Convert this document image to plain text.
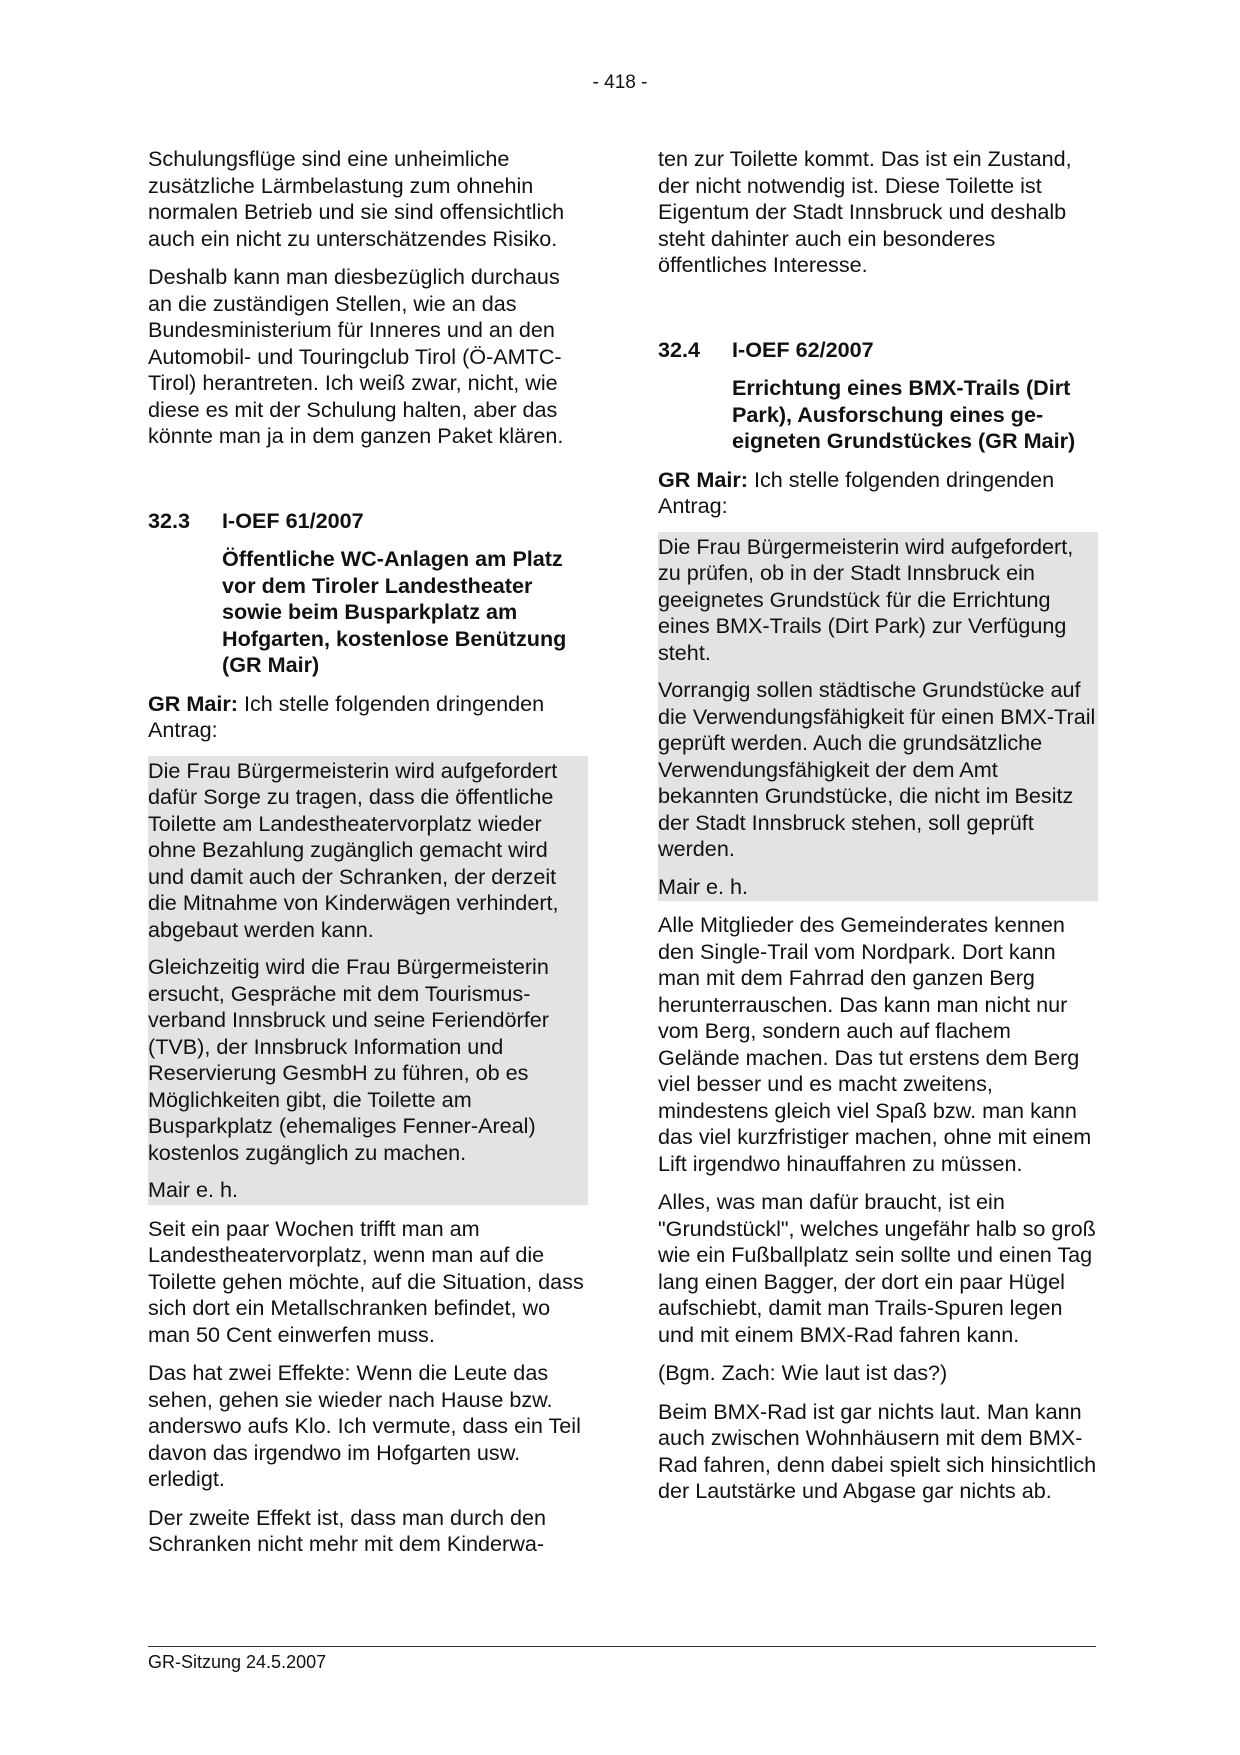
- 418 -

Schulungsflüge sind eine unheimliche zusätzliche Lärmbelastung zum ohnehin normalen Betrieb und sie sind offensichtlich auch ein nicht zu unterschätzendes Risiko.

Deshalb kann man diesbezüglich durchaus an die zuständigen Stellen, wie an das Bundesministerium für Inneres und an den Automobil- und Touringclub Tirol (Ö-AMTC-Tirol) herantreten. Ich weiß zwar, nicht, wie diese es mit der Schulung halten, aber das könnte man ja in dem ganzen Paket klären.

32.3	I-OEF 61/2007
Öffentliche WC-Anlagen am Platz vor dem Tiroler Landestheater sowie beim Busparkplatz am Hofgarten, kostenlose Benützung (GR Mair)

GR Mair: Ich stelle folgenden dringenden Antrag:

Die Frau Bürgermeisterin wird aufgefordert dafür Sorge zu tragen, dass die öffentliche Toilette am Landestheatervorplatz wieder ohne Bezahlung zugänglich gemacht wird und damit auch der Schranken, der derzeit die Mitnahme von Kinderwägen verhindert, abgebaut werden kann.

Gleichzeitig wird die Frau Bürgermeisterin ersucht, Gespräche mit dem Tourismusverband Innsbruck und seine Feriendörfer (TVB), der Innsbruck Information und Reservierung GesmbH zu führen, ob es Möglichkeiten gibt, die Toilette am Busparkplatz (ehemaliges Fenner-Areal) kostenlos zugänglich zu machen.

Mair e. h.

Seit ein paar Wochen trifft man am Landestheatervorplatz, wenn man auf die Toilette gehen möchte, auf die Situation, dass sich dort ein Metallschranken befindet, wo man 50 Cent einwerfen muss.

Das hat zwei Effekte: Wenn die Leute das sehen, gehen sie wieder nach Hause bzw. anderswo aufs Klo. Ich vermute, dass ein Teil davon das irgendwo im Hofgarten usw. erledigt.

Der zweite Effekt ist, dass man durch den Schranken nicht mehr mit dem Kinderwa-

ten zur Toilette kommt. Das ist ein Zustand, der nicht notwendig ist. Diese Toilette ist Eigentum der Stadt Innsbruck und deshalb steht dahinter auch ein besonderes öffentliches Interesse.

32.4	I-OEF 62/2007
Errichtung eines BMX-Trails (Dirt Park), Ausforschung eines geeigneten Grundstückes (GR Mair)

GR Mair: Ich stelle folgenden dringenden Antrag:

Die Frau Bürgermeisterin wird aufgefordert, zu prüfen, ob in der Stadt Innsbruck ein geeignetes Grundstück für die Errichtung eines BMX-Trails (Dirt Park) zur Verfügung steht.

Vorrangig sollen städtische Grundstücke auf die Verwendungsfähigkeit für einen BMX-Trail geprüft werden. Auch die grundsätzliche Verwendungsfähigkeit der dem Amt bekannten Grundstücke, die nicht im Besitz der Stadt Innsbruck stehen, soll geprüft werden.

Mair e. h.

Alle Mitglieder des Gemeinderates kennen den Single-Trail vom Nordpark. Dort kann man mit dem Fahrrad den ganzen Berg herunterrauschen. Das kann man nicht nur vom Berg, sondern auch auf flachem Gelände machen. Das tut erstens dem Berg viel besser und es macht zweitens, mindestens gleich viel Spaß bzw. man kann das viel kurzfristiger machen, ohne mit einem Lift irgendwo hinauffahren zu müssen.

Alles, was man dafür braucht, ist ein "Grundstückl", welches ungefähr halb so groß wie ein Fußballplatz sein sollte und einen Tag lang einen Bagger, der dort ein paar Hügel aufschiebt, damit man Trails-Spuren legen und mit einem BMX-Rad fahren kann.

(Bgm. Zach: Wie laut ist das?)

Beim BMX-Rad ist gar nichts laut. Man kann auch zwischen Wohnhäusern mit dem BMX-Rad fahren, denn dabei spielt sich hinsichtlich der Lautstärke und Abgase gar nichts ab.

GR-Sitzung 24.5.2007
